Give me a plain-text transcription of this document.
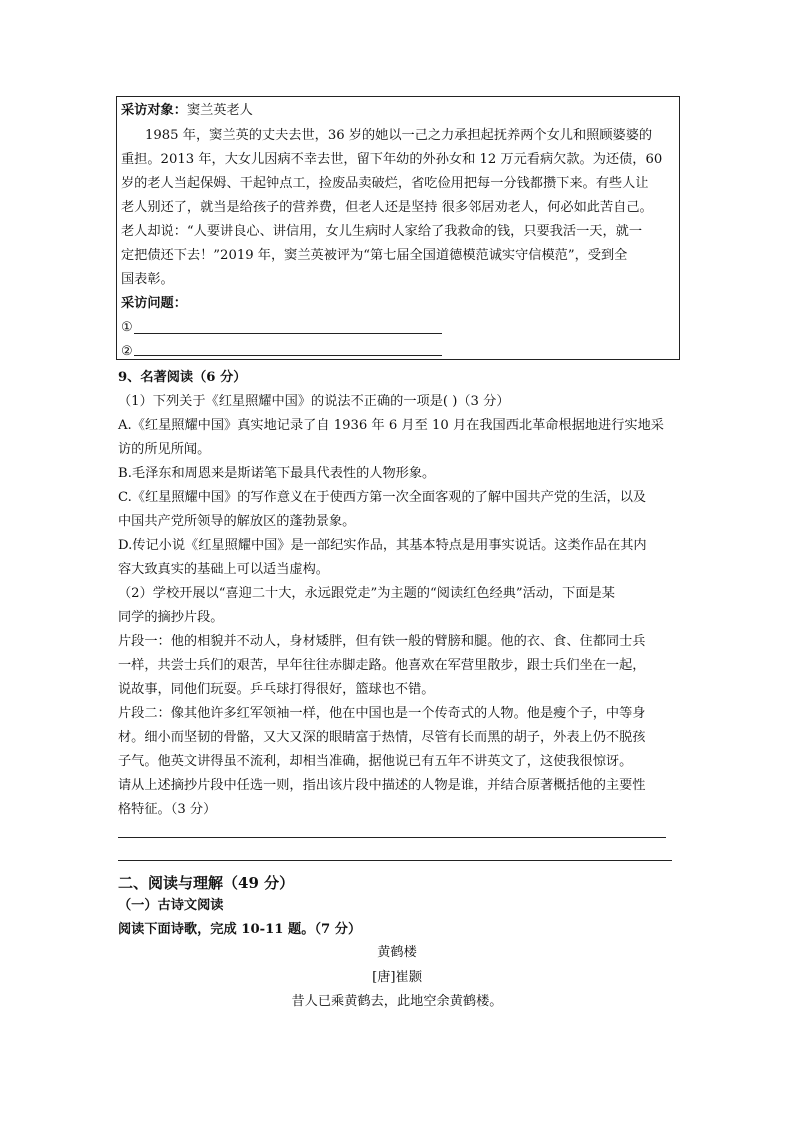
采访对象：窦兰英老人
1985 年，窦兰英的丈夫去世，36 岁的她以一己之力承担起抚养两个女儿和照顾婆婆的
重担。2013 年，大女儿因病不幸去世，留下年幼的外孙女和 12 万元看病欠款。为还债，60
岁的老人当起保姆、干起钟点工，捡废品卖破烂，省吃俭用把每一分钱都攒下来。有些人让
老人别还了，就当是给孩子的营养费，但老人还是坚持 很多邻居劝老人，何必如此苦自己。
老人却说：“人要讲良心、讲信用，女儿生病时人家给了我救命的钱，只要我活一天，就一
定把债还下去！”2019 年，窦兰英被评为“第七届全国道德模范诚实守信模范”，受到全
国表彰。
采访问题：
①
②
9、名著阅读（6 分）
（1）下列关于《红星照耀中国》的说法不正确的一项是( )（3 分）
A.《红星照耀中国》真实地记录了自 1936 年 6 月至 10 月在我国西北革命根据地进行实地采
访的所见所闻。
B.毛泽东和周恩来是斯诺笔下最具代表性的人物形象。
C.《红星照耀中国》的写作意义在于使西方第一次全面客观的了解中国共产党的生活，以及
中国共产党所领导的解放区的蓬勃景象。
D.传记小说《红星照耀中国》是一部纪实作品，其基本特点是用事实说话。这类作品在其内
容大致真实的基础上可以适当虚构。
（2）学校开展以“喜迎二十大，永远跟党走”为主题的“阅读红色经典”活动，下面是某
同学的摘抄片段。
片段一：他的相貌并不动人，身材矮胖，但有铁一般的臂膀和腿。他的衣、食、住都同士兵
一样，共尝士兵们的艰苦，早年往往赤脚走路。他喜欢在军营里散步，跟士兵们坐在一起，
说故事，同他们玩耍。乒乓球打得很好，篮球也不错。
片段二：像其他许多红军领袖一样，他在中国也是一个传奇式的人物。他是瘦个子，中等身
材。细小而坚韧的骨骼，又大又深的眼睛富于热情，尽管有长而黑的胡子，外表上仍不脱孩
子气。他英文讲得虽不流利，却相当准确，据他说已有五年不讲英文了，这使我很惊讶。
请从上述摘抄片段中任选一则，指出该片段中描述的人物是谁，并结合原著概括他的主要性
格特征。（3 分）
二、阅读与理解（49 分）
（一）古诗文阅读
阅读下面诗歌，完成 10-11 题。（7 分）
黄鹤楼
[唐]崔颢
昔人已乘黄鹤去，此地空余黄鹤楼。
